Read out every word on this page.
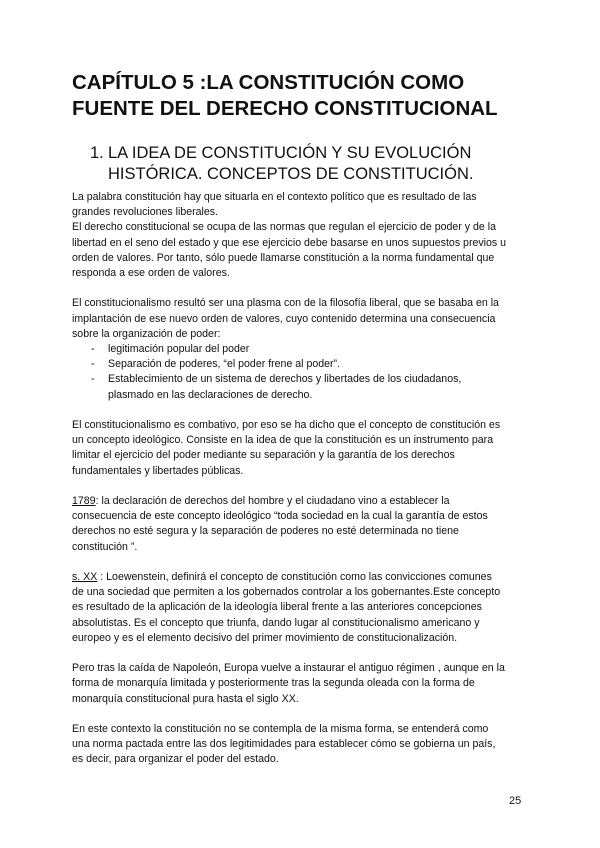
CAPÍTULO 5 :LA CONSTITUCIÓN COMO
FUENTE DEL DERECHO CONSTITUCIONAL
1. LA IDEA DE CONSTITUCIÓN Y SU EVOLUCIÓN
HISTÓRICA. CONCEPTOS DE CONSTITUCIÓN.

La palabra constitución hay que situarla en el contexto político que es resultado de las
grandes revoluciones liberales.
El derecho constitucional se ocupa de las normas que regulan el ejercicio de poder y de la
libertad en el seno del estado y que ese ejercicio debe basarse en unos supuestos previos u
orden de valores. Por tanto, sólo puede llamarse constitución a la norma fundamental que
responda a ese orden de valores.

El constitucionalismo resultó ser una plasma con de la filosofía liberal, que se basaba en la
implantación de ese nuevo orden de valores, cuyo contenido determina una consecuencia
sobre la organización de poder:
- legitimación popular del poder
- Separación de poderes, “el poder frene al poder”.
- Establecimiento de un sistema de derechos y libertades de los ciudadanos,
plasmado en las declaraciones de derecho.

El constitucionalismo es combativo, por eso se ha dicho que el concepto de constitución es
un concepto ideológico. Consiste en la idea de que la constitución es un instrumento para
limitar el ejercicio del poder mediante su separación y la garantía de los derechos
fundamentales y libertades públicas.

1789: la declaración de derechos del hombre y el ciudadano vino a establecer la
consecuencia de este concepto ideológico “toda sociedad en la cual la garantía de estos
derechos no esté segura y la separación de poderes no esté determinada no tiene
constitución ”.

s. XX : Loewenstein, definirá el concepto de constitución como las convicciones comunes
de una sociedad que permiten a los gobernados controlar a los gobernantes.Este concepto
es resultado de la aplicación de la ideología liberal frente a las anteriores concepciones
absolutistas. Es el concepto que triunfa, dando lugar al constitucionalismo americano y
europeo y es el elemento decisivo del primer movimiento de constitucionalización.

Pero tras la caída de Napoleón, Europa vuelve a instaurar el antiguo régimen , aunque en la
forma de monarquía limitada y posteriormente tras la segunda oleada con la forma de
monarquía constitucional pura hasta el siglo XX.

En este contexto la constitución no se contempla de la misma forma, se entenderá como
una norma pactada entre las dos legitimidades para establecer cómo se gobierna un país,
es decir, para organizar el poder del estado.

25
